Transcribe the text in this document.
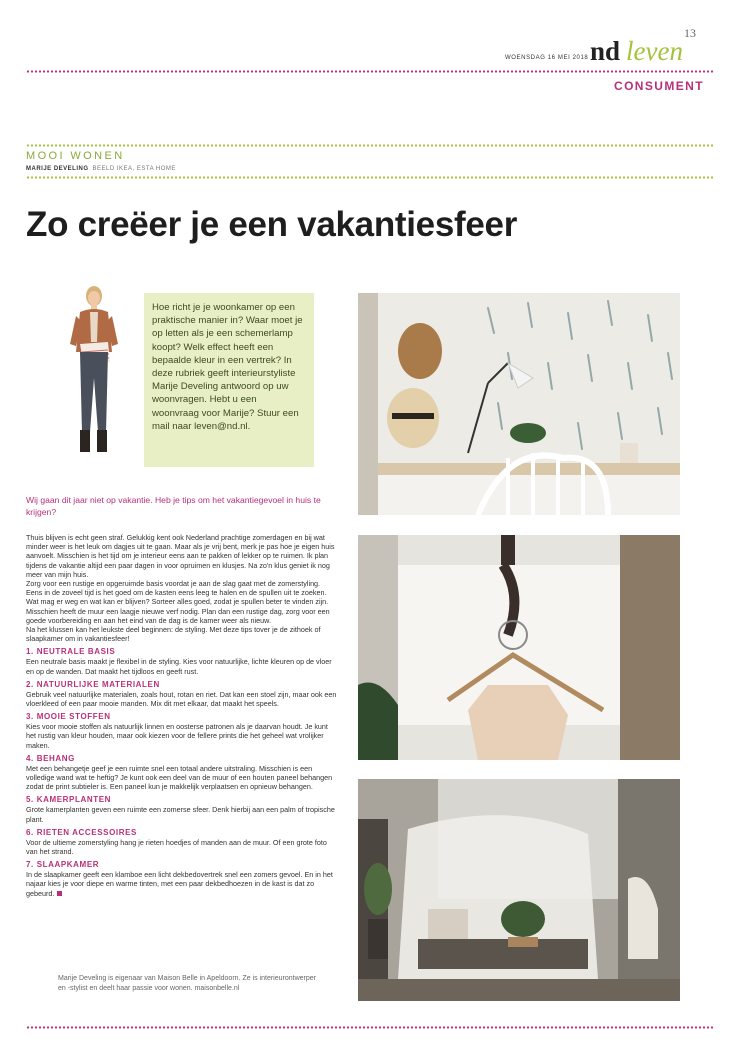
13
WOENSDAG 16 MEI 2018 nd leven
CONSUMENT
MOOI WONEN
MARIJE DEVELING BEELD IKEA, ESTA HOME
Zo creëer je een vakantiesfeer

Hoe richt je je woonkamer op een praktische manier in? Waar moet je op letten als je een schemerlamp koopt? Welk effect heeft een bepaalde kleur in een vertrek? In deze rubriek geeft interieurstyliste Marije Develing antwoord op uw woonvragen. Hebt u een woonvraag voor Marije? Stuur een mail naar leven@nd.nl.

Wij gaan dit jaar niet op vakantie. Heb je tips om het vakantiegevoel in huis te krijgen?

Thuis blijven is echt geen straf. Gelukkig kent ook Nederland prachtige zomerdagen en bij wat minder weer is het leuk om dagjes uit te gaan. Maar als je vrij bent, merk je pas hoe je eigen huis aanvoelt. Misschien is het tijd om je interieur eens aan te pakken of lekker op te ruimen. Ik plan tijdens de vakantie altijd een paar dagen in voor opruimen en klusjes. Na zo'n klus geniet ik nog meer van mijn huis.

Zorg voor een rustige en opgeruimde basis voordat je aan de slag gaat met de zomerstyling. Eens in de zoveel tijd is het goed om de kasten eens leeg te halen en de spullen uit te zoeken. Wat mag er weg en wat kan er blijven? Sorteer alles goed, zodat je spullen beter te vinden zijn.

Misschien heeft de muur een laagje nieuwe verf nodig. Plan dan een rustige dag, zorg voor een goede voorbereiding en aan het eind van de dag is de kamer weer als nieuw.

Na het klussen kan het leukste deel beginnen: de styling. Met deze tips tover je de zithoek of slaapkamer om in vakantiesfeer!

1. NEUTRALE BASIS

Een neutrale basis maakt je flexibel in de styling. Kies voor natuurlijke, lichte kleuren op de vloer en op de wanden. Dat maakt het tijdloos en geeft rust.

2. NATUURLIJKE MATERIALEN

Gebruik veel natuurlijke materialen, zoals hout, rotan en riet. Dat kan een stoel zijn, maar ook een vloerkleed of een paar mooie manden. Mix dit met elkaar, dat maakt het speels.

3. MOOIE STOFFEN

Kies voor mooie stoffen als natuurlijk linnen en oosterse patronen als je daarvan houdt. Je kunt het rustig van kleur houden, maar ook kiezen voor de fellere prints die het geheel wat vrolijker maken.

4. BEHANG

Met een behangetje geef je een ruimte snel een totaal andere uitstraling. Misschien is een volledige wand wat te heftig? Je kunt ook een deel van de muur of een houten paneel behangen zodat de print subtieler is. Een paneel kun je makkelijk verplaatsen en opnieuw behangen.

5. KAMERPLANTEN

Grote kamerplanten geven een ruimte een zomerse sfeer. Denk hierbij aan een palm of tropische plant.

6. RIETEN ACCESSOIRES

Voor de ultieme zomerstyling hang je rieten hoedjes of manden aan de muur. Of een grote foto van het strand.

7. SLAAPKAMER

In de slaapkamer geeft een klamboe een licht dekbedovertrek snel een zomers gevoel. En in het najaar kies je voor diepe en warme tinten, met een paar dekbedhoezen in de kast is dat zo gebeurd.

Marije Develing is eigenaar van Maison Belle in Apeldoorn. Ze is interieurontwerper en -stylist en deelt haar passie voor wonen. maisonbelle.nl
